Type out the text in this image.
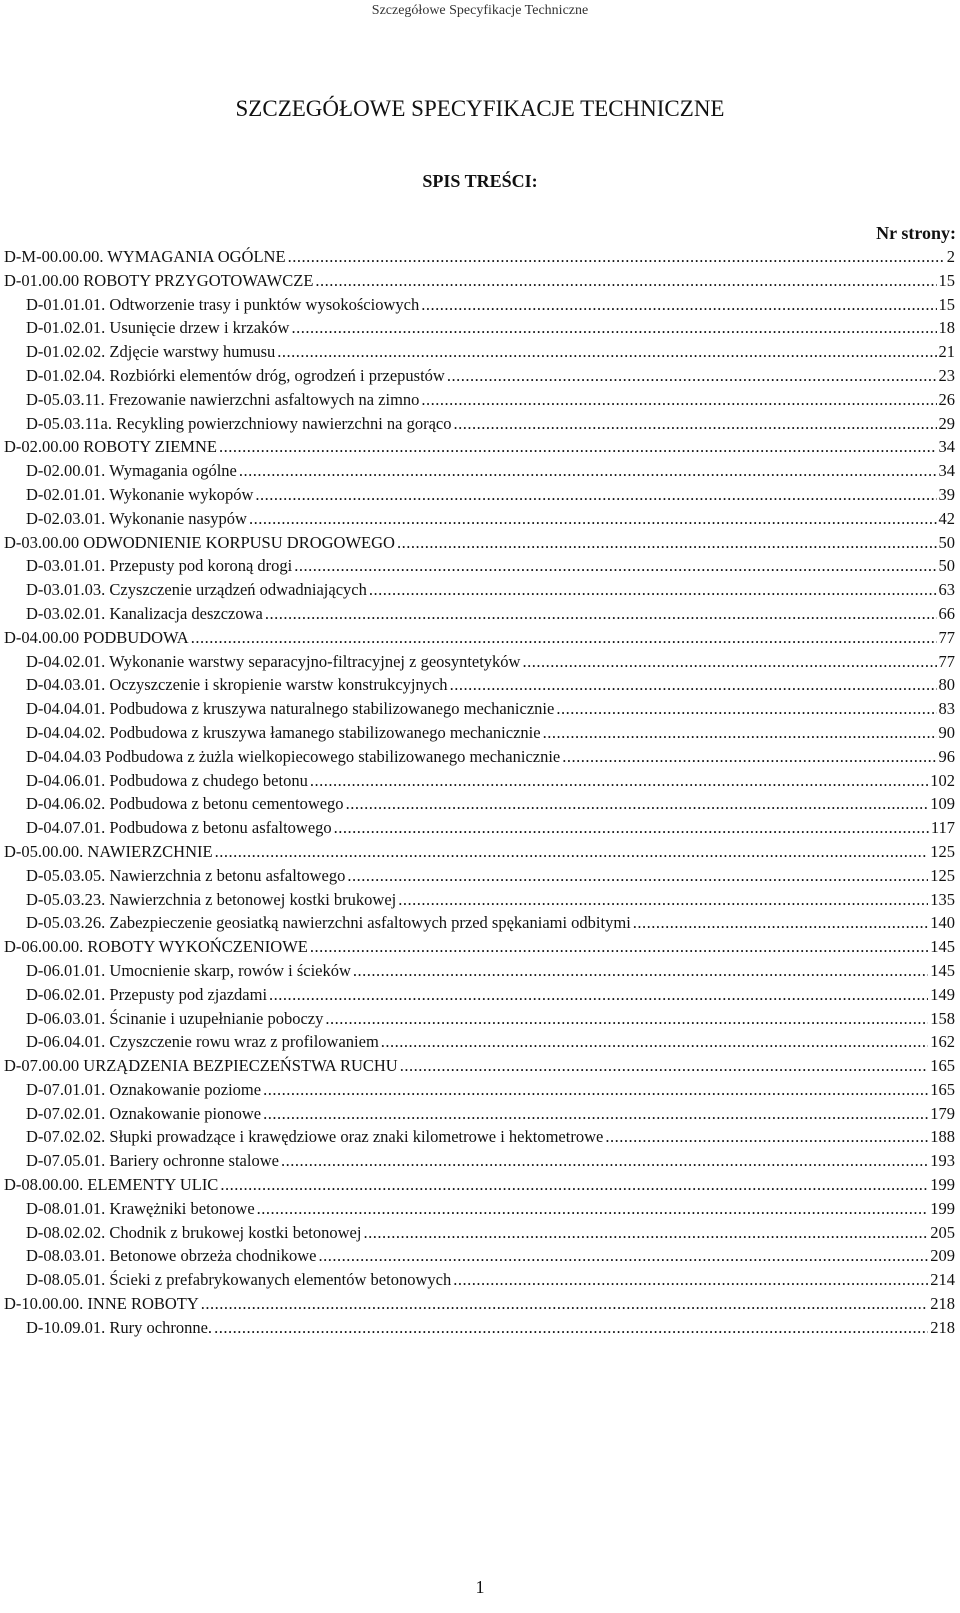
Szczegółowe Specyfikacje Techniczne
SZCZEGÓŁOWE SPECYFIKACJE TECHNICZNE
SPIS TREŚCI:
Nr strony:
D-M-00.00.00. WYMAGANIA OGÓLNE .....	2
D-01.00.00 ROBOTY PRZYGOTOWAWCZE .....	15
D-01.01.01. Odtworzenie trasy i punktów wysokościowych .....	15
D-01.02.01. Usunięcie drzew i krzaków .....	18
D-01.02.02. Zdjęcie warstwy humusu .....	21
D-01.02.04. Rozbiórki elementów dróg, ogrodzeń i przepustów .....	23
D-05.03.11. Frezowanie nawierzchni asfaltowych na zimno .....	26
D-05.03.11a. Recykling powierzchniowy nawierzchni na gorąco .....	29
D-02.00.00 ROBOTY ZIEMNE .....	34
D-02.00.01. Wymagania ogólne .....	34
D-02.01.01. Wykonanie wykopów .....	39
D-02.03.01. Wykonanie nasypów .....	42
D-03.00.00 ODWODNIENIE KORPUSU DROGOWEGO .....	50
D-03.01.01. Przepusty pod koroną drogi .....	50
D-03.01.03. Czyszczenie urządzeń odwadniających .....	63
D-03.02.01. Kanalizacja deszczowa .....	66
D-04.00.00 PODBUDOWA .....	77
D-04.02.01. Wykonanie warstwy separacyjno-filtracyjnej z geosyntetyków .....	77
D-04.03.01. Oczyszczenie i skropienie warstw konstrukcyjnych .....	80
D-04.04.01. Podbudowa z kruszywa naturalnego stabilizowanego mechanicznie .....	83
D-04.04.02. Podbudowa z kruszywa łamanego stabilizowanego mechanicznie .....	90
D-04.04.03 Podbudowa z żużla wielkopiecowego stabilizowanego mechanicznie .....	96
D-04.06.01. Podbudowa z chudego betonu .....	102
D-04.06.02. Podbudowa z betonu cementowego .....	109
D-04.07.01. Podbudowa z betonu asfaltowego .....	117
D-05.00.00. NAWIERZCHNIE .....	125
D-05.03.05. Nawierzchnia z betonu asfaltowego .....	125
D-05.03.23. Nawierzchnia z betonowej kostki brukowej .....	135
D-05.03.26. Zabezpieczenie geosiatką nawierzchni asfaltowych przed spękaniami odbitymi .....	140
D-06.00.00. ROBOTY WYKOŃCZENIOWE .....	145
D-06.01.01. Umocnienie skarp, rowów i ścieków .....	145
D-06.02.01. Przepusty pod zjazdami .....	149
D-06.03.01. Ścinanie i uzupełnianie poboczy .....	158
D-06.04.01. Czyszczenie rowu wraz z profilowaniem .....	162
D-07.00.00 URZĄDZENIA BEZPIECZEŃSTWA RUCHU .....	165
D-07.01.01. Oznakowanie poziome .....	165
D-07.02.01. Oznakowanie pionowe .....	179
D-07.02.02. Słupki prowadzące i krawędziowe oraz znaki kilometrowe i hektometrowe .....	188
D-07.05.01. Bariery ochronne stalowe .....	193
D-08.00.00. ELEMENTY ULIC .....	199
D-08.01.01. Krawężniki betonowe .....	199
D-08.02.02. Chodnik z brukowej kostki betonowej .....	205
D-08.03.01. Betonowe obrzeża chodnikowe .....	209
D-08.05.01. Ścieki z prefabrykowanych elementów betonowych .....	214
D-10.00.00. INNE ROBOTY .....	218
D-10.09.01. Rury ochronne. .....	218
1
